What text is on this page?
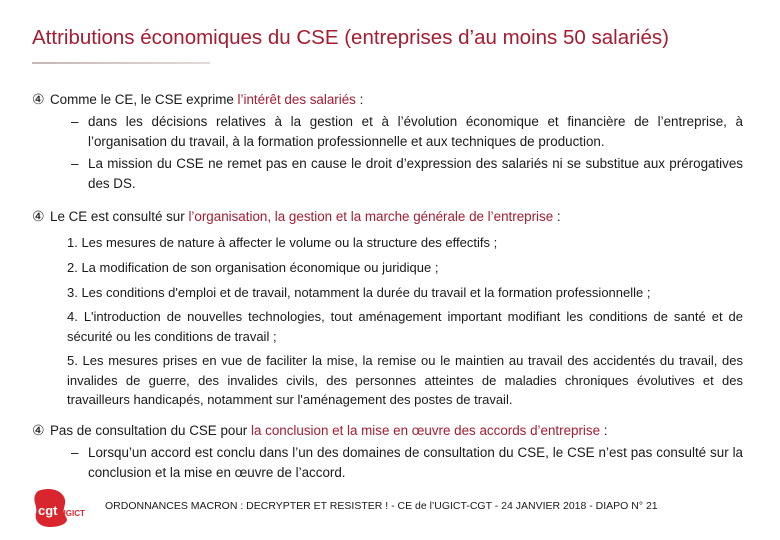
Attributions économiques du CSE (entreprises d’au moins 50 salariés)
④ Comme le CE, le CSE exprime l’intérêt des salariés :
– dans les décisions relatives à la gestion et à l’évolution économique et financière de l’entreprise, à l’organisation du travail, à la formation professionnelle et aux techniques de production.
– La mission du CSE ne remet pas en cause le droit d’expression des salariés ni se substitue aux prérogatives des DS.
④ Le CE est consulté sur l’organisation, la gestion et la marche générale de l’entreprise :
1. Les mesures de nature à affecter le volume ou la structure des effectifs ;
2. La modification de son organisation économique ou juridique ;
3. Les conditions d'emploi et de travail, notamment la durée du travail et la formation professionnelle ;
4. L'introduction de nouvelles technologies, tout aménagement important modifiant les conditions de santé et de sécurité ou les conditions de travail ;
5. Les mesures prises en vue de faciliter la mise, la remise ou le maintien au travail des accidentés du travail, des invalides de guerre, des invalides civils, des personnes atteintes de maladies chroniques évolutives et des travailleurs handicapés, notamment sur l'aménagement des postes de travail.
④ Pas de consultation du CSE pour la conclusion et la mise en œuvre des accords d’entreprise :
– Lorsqu’un accord est conclu dans l’un des domaines de consultation du CSE, le CSE n’est pas consulté sur la conclusion et la mise en œuvre de l’accord.
cgt UGICT
ORDONNANCES MACRON : DECRYPTER ET RESISTER ! - CE de l’UGICT-CGT - 24 JANVIER 2018 - DIAPO N° 21
